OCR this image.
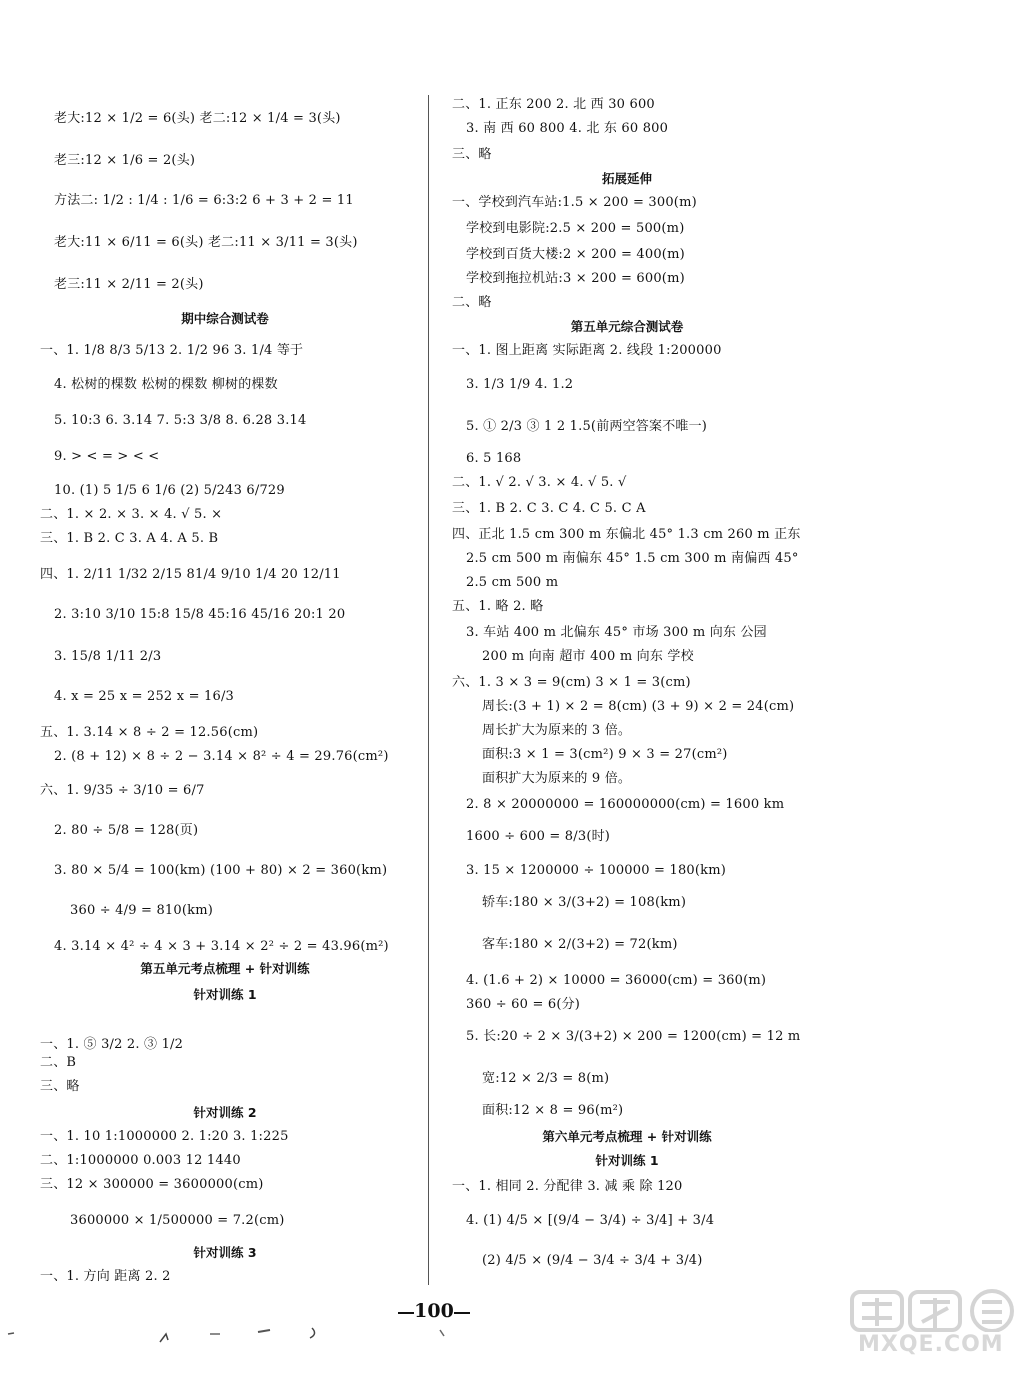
期中综合测试卷
第五单元考点梳理 + 针对训练
针对训练 1
针对训练 2
针对训练 3
老大:12 × 1/2 = 6(头) 老二:12 × 1/4 = 3(头)
老三:12 × 1/6 = 2(头)
方法二: 1/2 : 1/4 : 1/6 = 6:3:2 6 + 3 + 2 = 11
老大:11 × 6/11 = 6(头) 老二:11 × 3/11 = 3(头)
老三:11 × 2/11 = 2(头)
一、1. 1/8 8/3 5/13 2. 1/2 96 3. 1/4 等于
4. 松树的棵数 松树的棵数 柳树的棵数
5. 10:3 6. 3.14 7. 5:3 3/8 8. 6.28 3.14
9. > < = > < <
10. (1) 5 1/5 6 1/6 (2) 5/243 6/729
二、1. × 2. × 3. × 4. √ 5. ×
三、1. B 2. C 3. A 4. A 5. B
四、1. 2/11 1/32 2/15 81/4 9/10 1/4 20 12/11
2. 3:10 3/10 15:8 15/8 45:16 45/16 20:1 20
3. 15/8 1/11 2/3
4. x = 25 x = 252 x = 16/3
五、1. 3.14 × 8 ÷ 2 = 12.56(cm)
2. (8 + 12) × 8 ÷ 2 − 3.14 × 8² ÷ 4 = 29.76(cm²)
六、1. 9/35 ÷ 3/10 = 6/7
2. 80 ÷ 5/8 = 128(页)
3. 80 × 5/4 = 100(km) (100 + 80) × 2 = 360(km)
360 ÷ 4/9 = 810(km)
4. 3.14 × 4² ÷ 4 × 3 + 3.14 × 2² ÷ 2 = 43.96(m²)
一、1. ⑤ 3/2 2. ③ 1/2
二、B
三、略
一、1. 10 1:1000000 2. 1:20 3. 1:225
二、1:1000000 0.003 12 1440
三、12 × 300000 = 3600000(cm)
3600000 × 1/500000 = 7.2(cm)
一、1. 方向 距离 2. 2
拓展延伸
第五单元综合测试卷
第六单元考点梳理 + 针对训练
针对训练 1
二、1. 正东 200 2. 北 西 30 600
3. 南 西 60 800 4. 北 东 60 800
三、略
一、学校到汽车站:1.5 × 200 = 300(m)
学校到电影院:2.5 × 200 = 500(m)
学校到百货大楼:2 × 200 = 400(m)
学校到拖拉机站:3 × 200 = 600(m)
二、略
一、1. 图上距离 实际距离 2. 线段 1:200000
3. 1/3 1/9 4. 1.2
5. ① 2/3 ③ 1 2 1.5(前两空答案不唯一)
6. 5 168
二、1. √ 2. √ 3. × 4. √ 5. √
三、1. B 2. C 3. C 4. C 5. C A
四、正北 1.5 cm 300 m 东偏北 45° 1.3 cm 260 m 正东
2.5 cm 500 m 南偏东 45° 1.5 cm 300 m 南偏西 45°
2.5 cm 500 m
五、1. 略 2. 略
3. 车站 400 m 北偏东 45° 市场 300 m 向东 公园
200 m 向南 超市 400 m 向东 学校
六、1. 3 × 3 = 9(cm) 3 × 1 = 3(cm)
周长:(3 + 1) × 2 = 8(cm) (3 + 9) × 2 = 24(cm)
周长扩大为原来的 3 倍。
面积:3 × 1 = 3(cm²) 9 × 3 = 27(cm²)
面积扩大为原来的 9 倍。
2. 8 × 20000000 = 160000000(cm) = 1600 km
1600 ÷ 600 = 8/3(时)
3. 15 × 1200000 ÷ 100000 = 180(km)
轿车:180 × 3/(3+2) = 108(km)
客车:180 × 2/(3+2) = 72(km)
4. (1.6 + 2) × 10000 = 36000(cm) = 360(m)
360 ÷ 60 = 6(分)
5. 长:20 ÷ 2 × 3/(3+2) × 200 = 1200(cm) = 12 m
宽:12 × 2/3 = 8(m)
面积:12 × 8 = 96(m²)
一、1. 相同 2. 分配律 3. 减 乘 除 120
4. (1) 4/5 × [(9/4 − 3/4) ÷ 3/4] + 3/4
(2) 4/5 × (9/4 − 3/4 ÷ 3/4 + 3/4)
100
MXQE.COM
